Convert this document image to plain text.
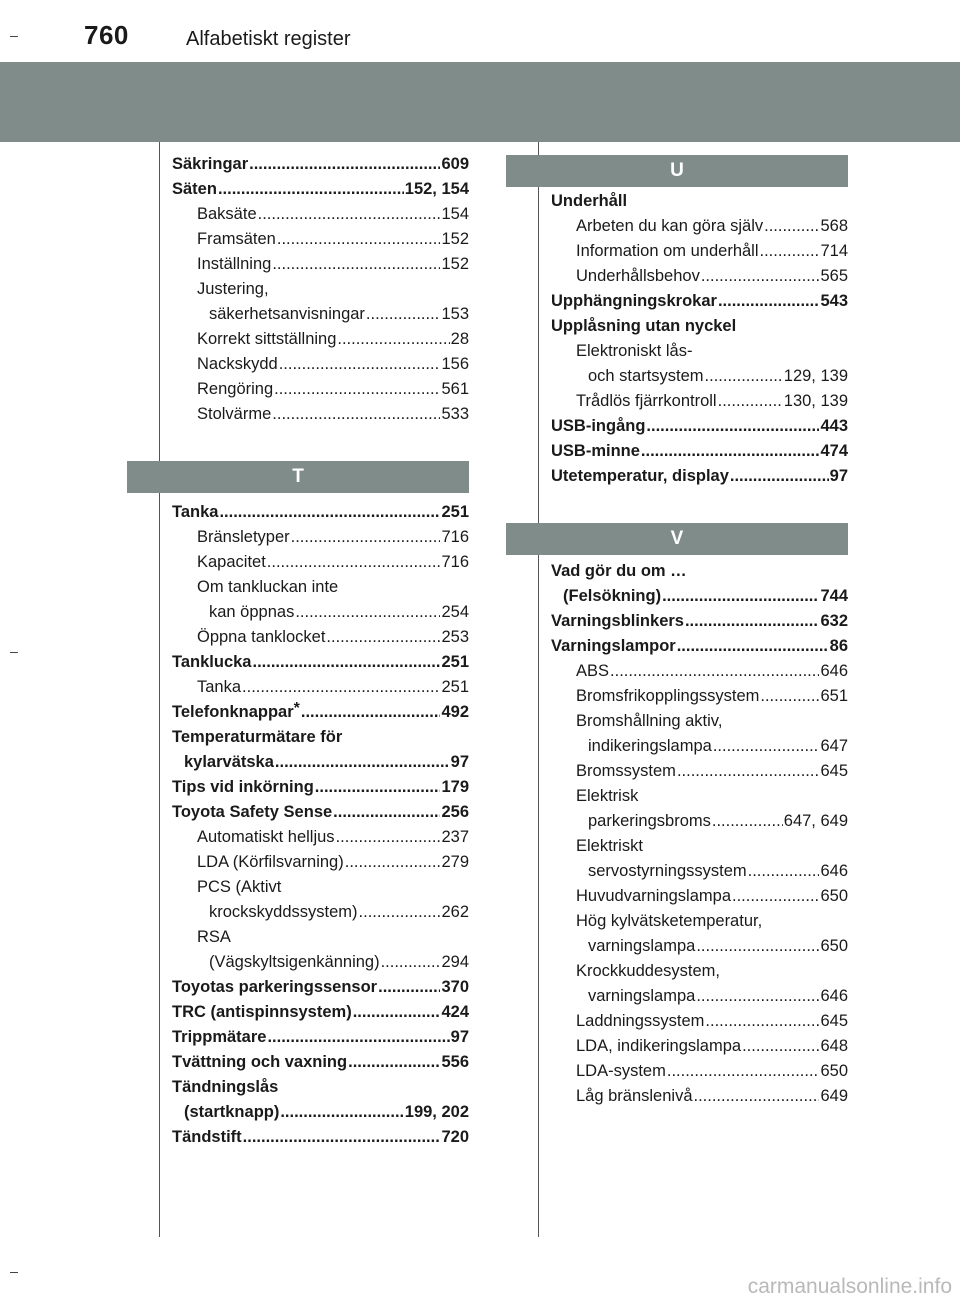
760	Alfabetiskt register
Säkringar .....	609
Säten .....	152, 154
Baksäte .....	154
Framsäten .....	152
Inställning .....	152
Justering,
säkerhetsanvisningar .....	153
Korrekt sittställning .....	28
Nackskydd .....	156
Rengöring .....	561
Stolvärme .....	533
T
Tanka .....	251
Bränsletyper .....	716
Kapacitet .....	716
Om tankluckan inte
kan öppnas .....	254
Öppna tanklocket .....	253
Tanklucka .....	251
Tanka .....	251
Telefonknappar* .....	492
Temperaturmätare för
kylarvätska .....	97
Tips vid inkörning .....	179
Toyota Safety Sense .....	256
Automatiskt helljus .....	237
LDA (Körfilsvarning) .....	279
PCS (Aktivt
krockskyddssystem) .....	262
RSA
(Vägskyltsigenkänning) .....	294
Toyotas parkeringssensor .....	370
TRC (antispinnsystem) .....	424
Trippmätare .....	97
Tvättning och vaxning .....	556
Tändningslås
(startknapp) .....	199, 202
Tändstift .....	720
U
Underhåll
Arbeten du kan göra själv .....	568
Information om underhåll .....	714
Underhållsbehov .....	565
Upphängningskrokar .....	543
Upplåsning utan nyckel
Elektroniskt lås-
och startsystem .....	129, 139
Trådlös fjärrkontroll .....	130, 139
USB-ingång .....	443
USB-minne .....	474
Utetemperatur, display .....	97
V
Vad gör du om …
(Felsökning) .....	744
Varningsblinkers .....	632
Varningslampor .....	86
ABS .....	646
Bromsfrikopplingssystem .....	651
Bromshållning aktiv,
indikeringslampa .....	647
Bromssystem .....	645
Elektrisk
parkeringsbroms .....	647, 649
Elektriskt
servostyrningssystem .....	646
Huvudvarningslampa .....	650
Hög kylvätsketemperatur,
varningslampa .....	650
Krockkuddesystem,
varningslampa .....	646
Laddningssystem .....	645
LDA, indikeringslampa .....	648
LDA-system .....	650
Låg bränslenivå .....	649
carmanualsonline.info
